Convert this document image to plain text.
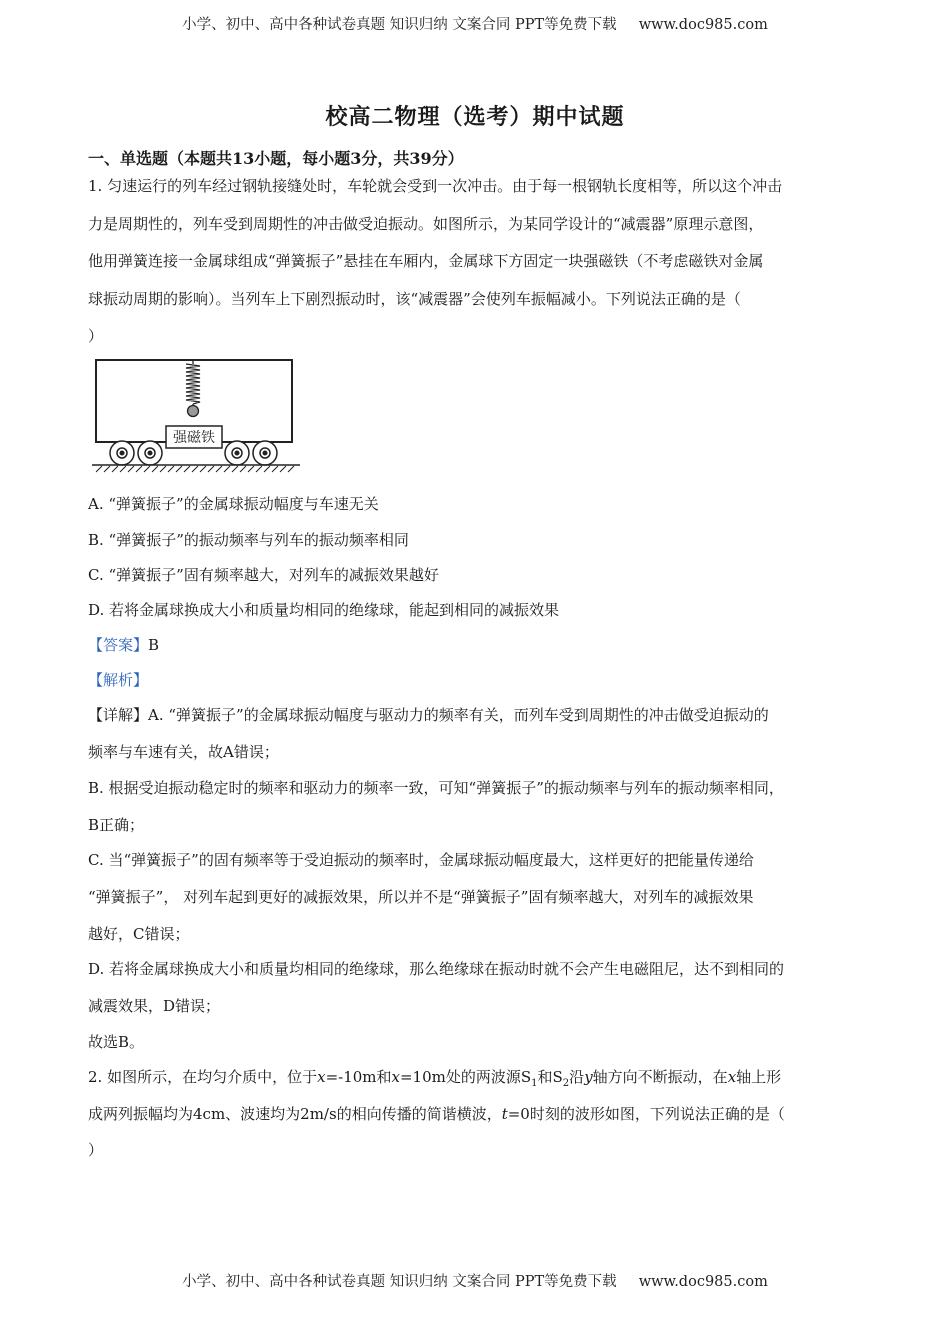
小学、初中、高中各种试卷真题 知识归纳 文案合同 PPT等免费下载 www.doc985.com
校高二物理（选考）期中试题
一、单选题（本题共13小题，每小题3分，共39分）
1. 匀速运行的列车经过钢轨接缝处时，车轮就会受到一次冲击。由于每一根钢轨长度相等，所以这个冲击
力是周期性的，列车受到周期性的冲击做受迫振动。如图所示，为某同学设计的“减震器”原理示意图，
他用弹簧连接一金属球组成“弹簧振子”悬挂在车厢内，金属球下方固定一块强磁铁（不考虑磁铁对金属
球振动周期的影响）。当列车上下剧烈振动时，该“减震器”会使列车振幅减小。下列说法正确的是（
）
强磁铁
A. “弹簧振子”的金属球振动幅度与车速无关
B. “弹簧振子”的振动频率与列车的振动频率相同
C. “弹簧振子”固有频率越大，对列车的减振效果越好
D. 若将金属球换成大小和质量均相同的绝缘球，能起到相同的减振效果
【答案】B
【解析】
【详解】A. “弹簧振子”的金属球振动幅度与驱动力的频率有关，而列车受到周期性的冲击做受迫振动的
频率与车速有关，故A错误；
B. 根据受迫振动稳定时的频率和驱动力的频率一致，可知“弹簧振子”的振动频率与列车的振动频率相同，
B正确；
C. 当“弹簧振子”的固有频率等于受迫振动的频率时，金属球振动幅度最大，这样更好的把能量传递给
“弹簧振子”， 对列车起到更好的减振效果，所以并不是“弹簧振子”固有频率越大，对列车的减振效果
越好，C错误；
D. 若将金属球换成大小和质量均相同的绝缘球，那么绝缘球在振动时就不会产生电磁阻尼，达不到相同的
减震效果，D错误；
故选B。
2. 如图所示，在均匀介质中，位于x=-10m和x=10m处的两波源$S_1$和$S_2$沿y轴方向不断振动，在x轴上形
成两列振幅均为4cm、波速均为2m/s的相向传播的简谐横波，t=0时刻的波形如图，下列说法正确的是（
）
小学、初中、高中各种试卷真题 知识归纳 文案合同 PPT等免费下载 www.doc985.com
